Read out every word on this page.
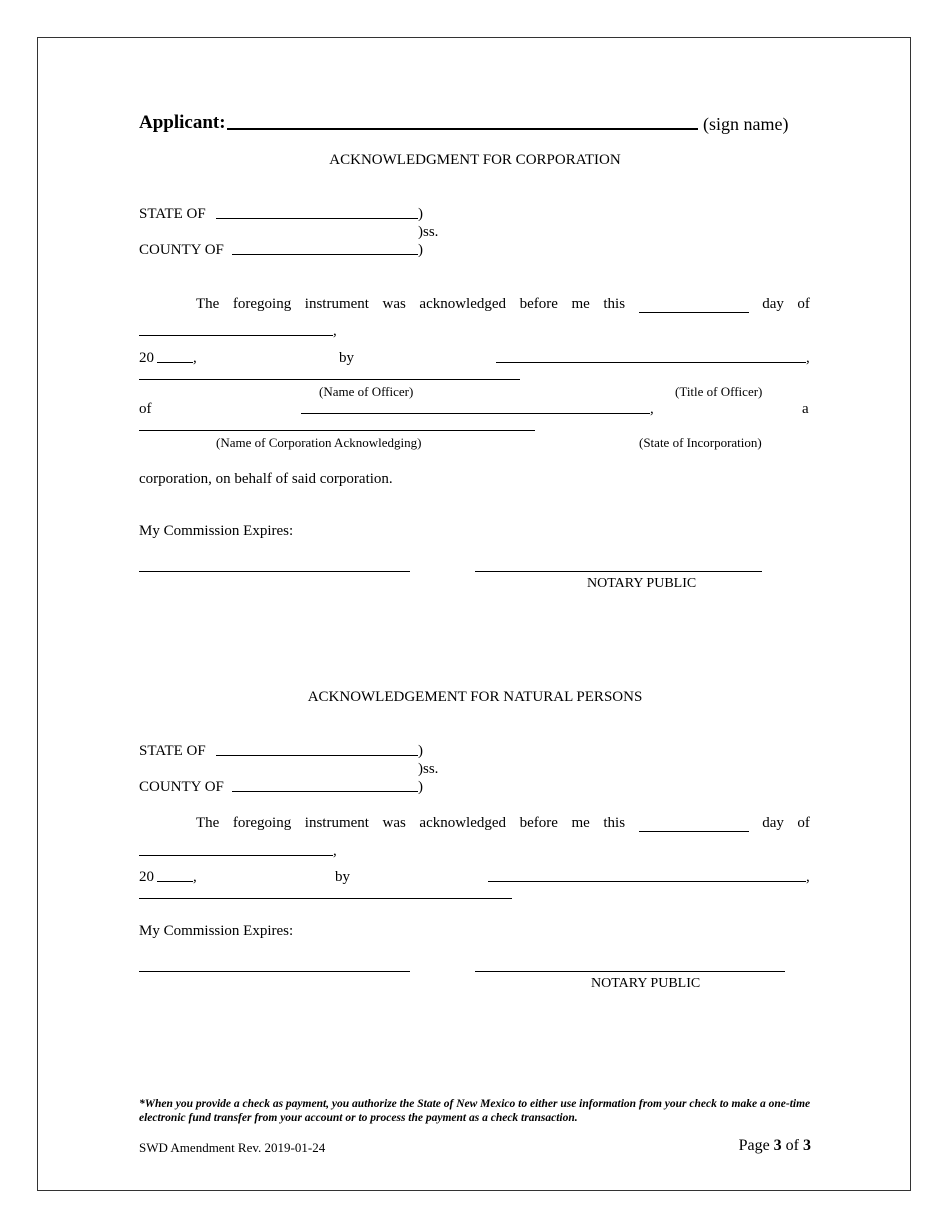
Applicant:	(sign name)
ACKNOWLEDGMENT FOR CORPORATION
STATE OF	)
)ss.
COUNTY OF	)
The foregoing instrument was acknowledged before me this	day of
,
20	,	by	,
(Name of Officer)	(Title of Officer)
of	,	a
(Name of Corporation Acknowledging)	(State of Incorporation)
corporation, on behalf of said corporation.
My Commission Expires:
NOTARY PUBLIC
ACKNOWLEDGEMENT FOR NATURAL PERSONS
STATE OF	)
)ss.
COUNTY OF	)
The foregoing instrument was acknowledged before me this	day of
,
20	,	by	,
My Commission Expires:
NOTARY PUBLIC
*When you provide a check as payment, you authorize the State of New Mexico to either use information from your check to make a one-time electronic fund transfer from your account or to process the payment as a check transaction.
SWD Amendment Rev. 2019-01-24	Page 3 of 3
